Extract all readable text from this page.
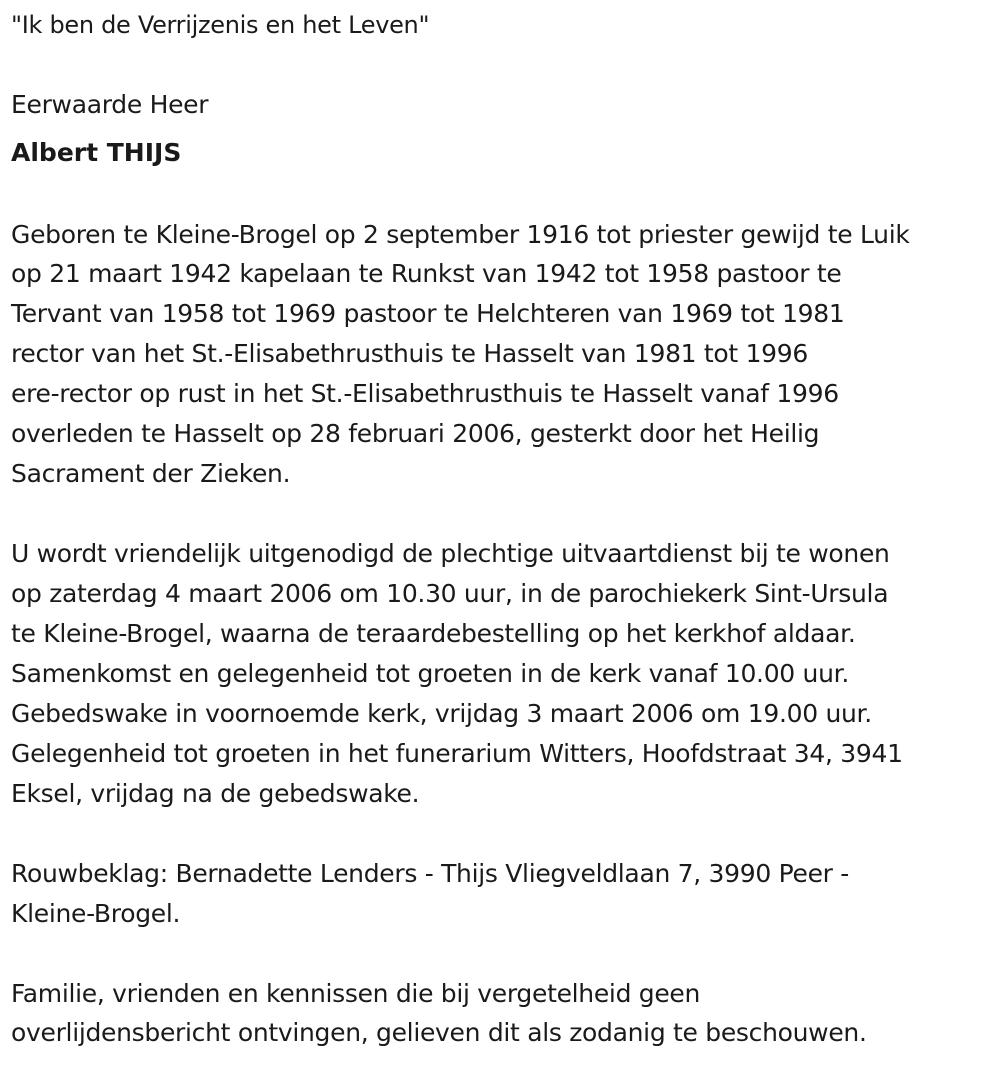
"Ik ben de Verrijzenis en het Leven"
Eerwaarde Heer
Albert THIJS
Geboren te Kleine-Brogel op 2 september 1916 tot priester gewijd te Luik
op 21 maart 1942 kapelaan te Runkst van 1942 tot 1958 pastoor te
Tervant van 1958 tot 1969 pastoor te Helchteren van 1969 tot 1981
rector van het St.-Elisabethrusthuis te Hasselt van 1981 tot 1996
ere-rector op rust in het St.-Elisabethrusthuis te Hasselt vanaf 1996
overleden te Hasselt op 28 februari 2006, gesterkt door het Heilig
Sacrament der Zieken.
U wordt vriendelijk uitgenodigd de plechtige uitvaartdienst bij te wonen
op zaterdag 4 maart 2006 om 10.30 uur, in de parochiekerk Sint-Ursula
te Kleine-Brogel, waarna de teraardebestelling op het kerkhof aldaar.
Samenkomst en gelegenheid tot groeten in de kerk vanaf 10.00 uur.
Gebedswake in voornoemde kerk, vrijdag 3 maart 2006 om 19.00 uur.
Gelegenheid tot groeten in het funerarium Witters, Hoofdstraat 34, 3941
Eksel, vrijdag na de gebedswake.
Rouwbeklag: Bernadette Lenders - Thijs Vliegveldlaan 7, 3990 Peer -
Kleine-Brogel.
Familie, vrienden en kennissen die bij vergetelheid geen
overlijdensbericht ontvingen, gelieven dit als zodanig te beschouwen.
